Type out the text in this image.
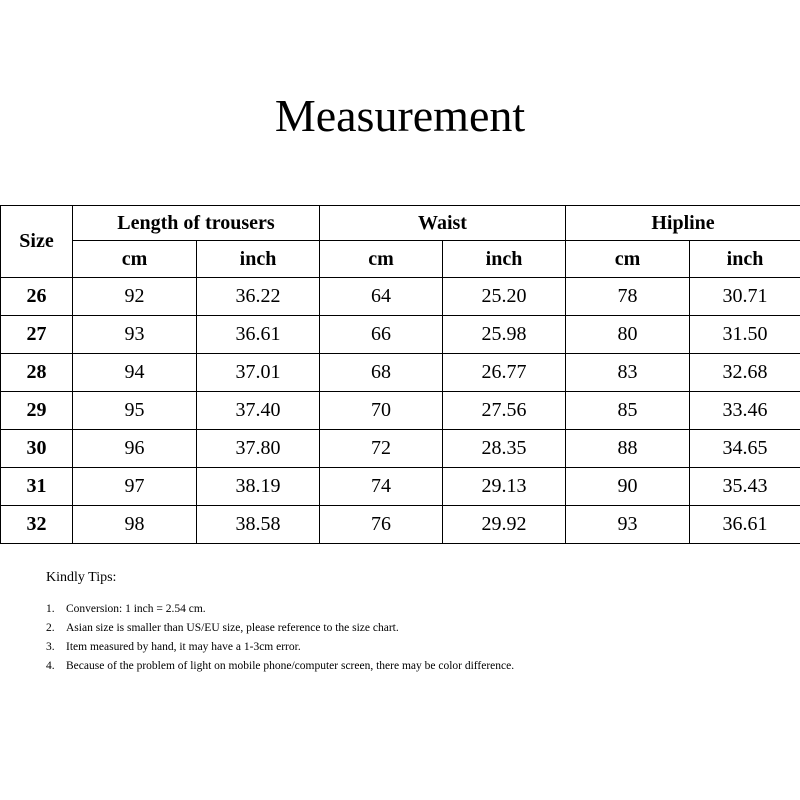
Measurement
Size	Length of trousers		Waist		Hipline	
	cm	inch	cm	inch	cm	inch
26	92	36.22	64	25.20	78	30.71
27	93	36.61	66	25.98	80	31.50
28	94	37.01	68	26.77	83	32.68
29	95	37.40	70	27.56	85	33.46
30	96	37.80	72	28.35	88	34.65
31	97	38.19	74	29.13	90	35.43
32	98	38.58	76	29.92	93	36.61
Kindly Tips:
1. Conversion: 1 inch = 2.54 cm.
2. Asian size is smaller than US/EU size, please reference to the size chart.
3. Item measured by hand, it may have a 1-3cm error.
4. Because of the problem of light on mobile phone/computer screen, there may be color difference.
